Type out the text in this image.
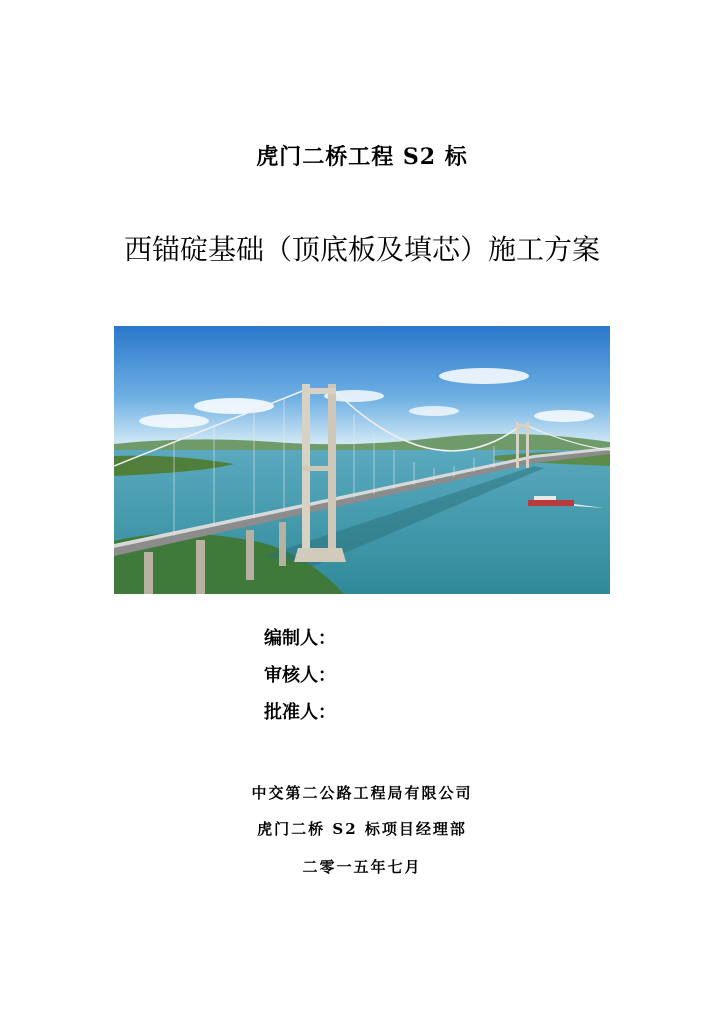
虎门二桥工程 S2 标
西锚碇基础（顶底板及填芯）施工方案
编制人：
审核人：
批准人：
中交第二公路工程局有限公司
虎门二桥 S2 标项目经理部
二零一五年七月
